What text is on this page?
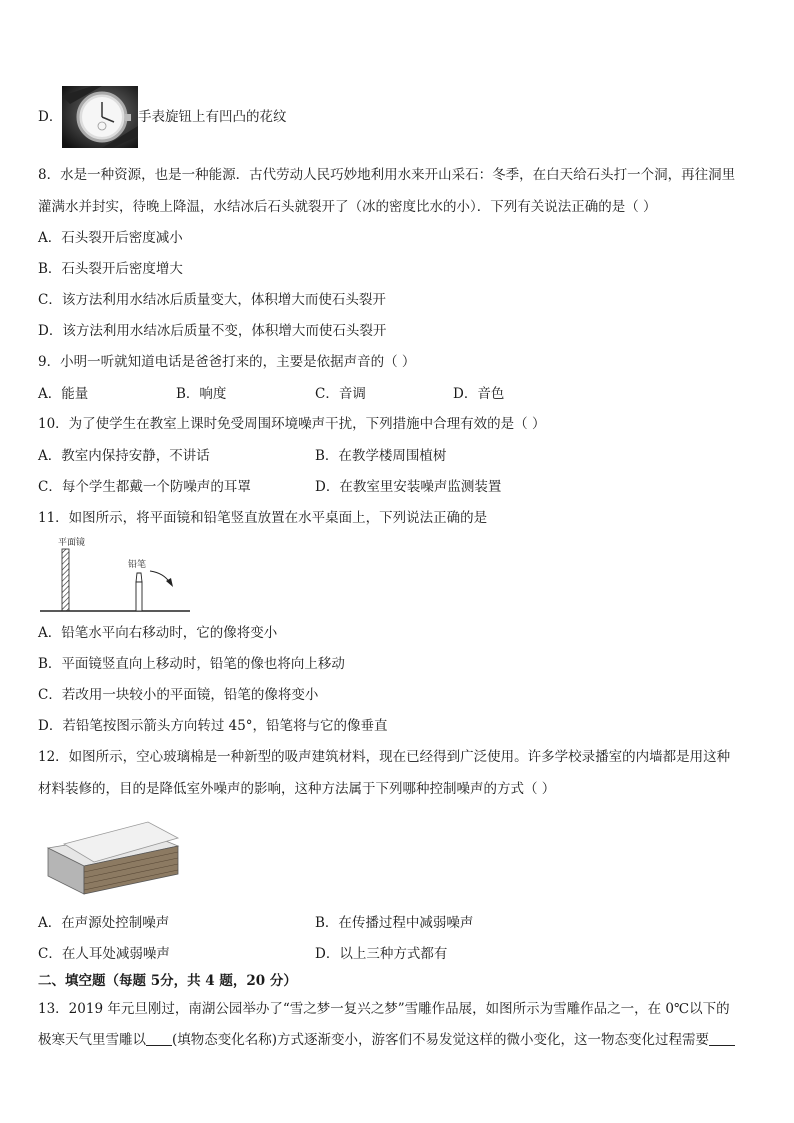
D．	手表旋钮上有凹凸的花纹
8．水是一种资源，也是一种能源．古代劳动人民巧妙地利用水来开山采石：冬季，在白天给石头打一个洞，再往洞里
灌满水并封实，待晚上降温，水结冰后石头就裂开了（冰的密度比水的小）．下列有关说法正确的是（ ）
A．石头裂开后密度减小
B．石头裂开后密度增大
C．该方法利用水结冰后质量变大，体积增大而使石头裂开
D．该方法利用水结冰后质量不变，体积增大而使石头裂开
9．小明一听就知道电话是爸爸打来的，主要是依据声音的（ ）
A．能量	B．响度	C．音调	D．音色
10．为了使学生在教室上课时免受周围环境噪声干扰，下列措施中合理有效的是（ ）
A．教室内保持安静，不讲话	B．在教学楼周围植树
C．每个学生都戴一个防噪声的耳罩	D．在教室里安装噪声监测装置
11．如图所示，将平面镜和铅笔竖直放置在水平桌面上，下列说法正确的是
平面镜
铅笔
A．铅笔水平向右移动时，它的像将变小
B．平面镜竖直向上移动时，铅笔的像也将向上移动
C．若改用一块较小的平面镜，铅笔的像将变小
D．若铅笔按图示箭头方向转过 45°，铅笔将与它的像垂直
12．如图所示，空心玻璃棉是一种新型的吸声建筑材料，现在已经得到广泛使用。许多学校录播室的内墙都是用这种
材料装修的，目的是降低室外噪声的影响，这种方法属于下列哪种控制噪声的方式（ ）
A．在声源处控制噪声	B．在传播过程中减弱噪声
C．在人耳处减弱噪声	D．以上三种方式都有
二、填空题（每题 5分，共 4 题，20 分）
13．2019 年元旦刚过，南湖公园举办了“雪之梦一复兴之梦”雪雕作品展，如图所示为雪雕作品之一，在 0℃以下的
极寒天气里雪雕以 (填物态变化名称)方式逐渐变小，游客们不易发觉这样的微小变化，这一物态变化过程需要
